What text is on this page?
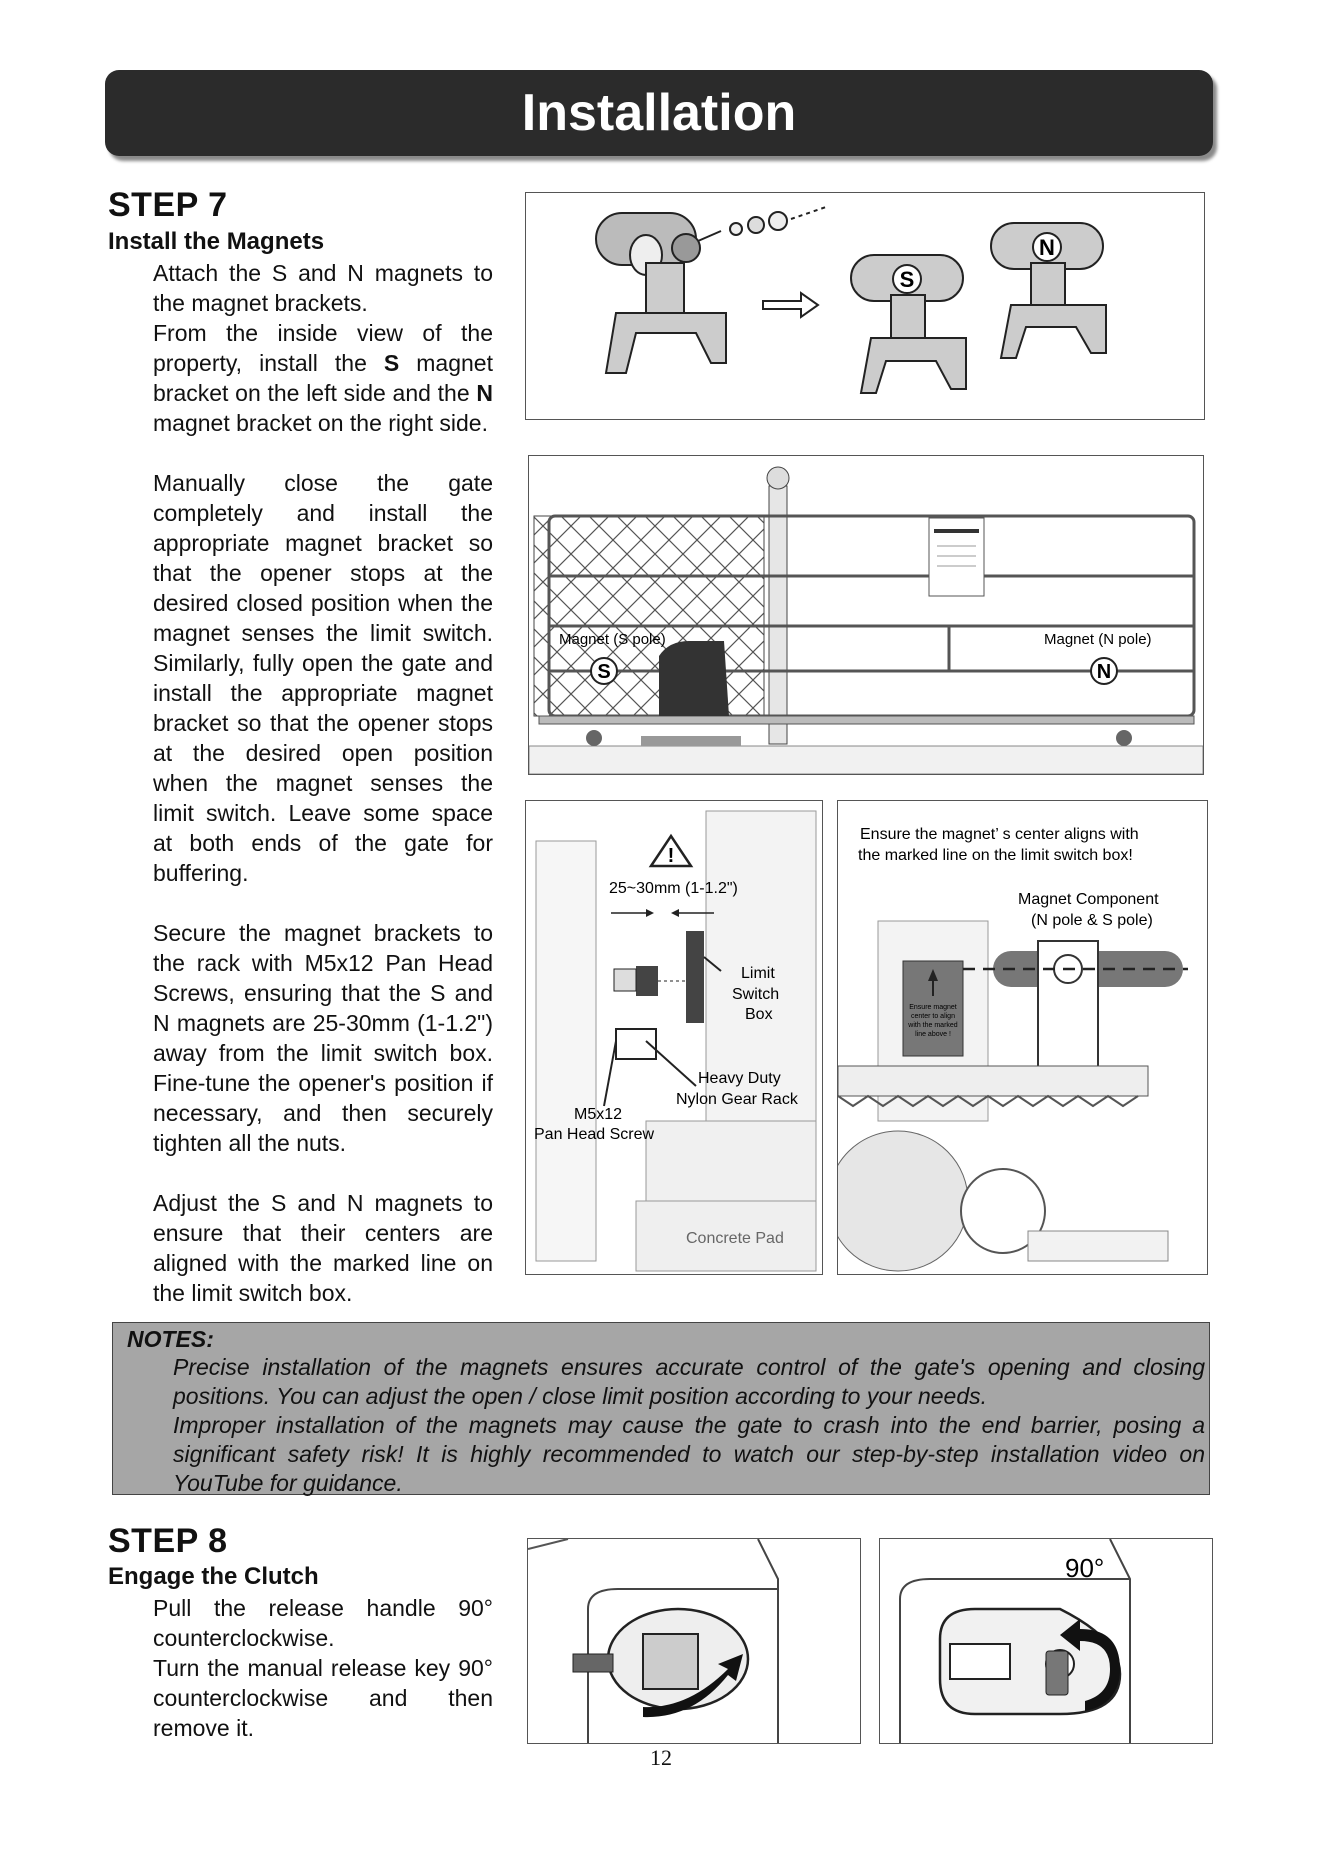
Installation
STEP 7
Install the Magnets

Attach the S and N magnets to the magnet brackets.

From the inside view of the property, install the S magnet bracket on the left side and the N magnet bracket on the right side.

Manually close the gate completely and install the appropriate magnet bracket so that the opener stops at the desired closed position when the magnet senses the limit switch. Similarly, fully open the gate and install the appropriate magnet bracket so that the opener stops at the desired open position when the magnet senses the limit switch. Leave some space at both ends of the gate for buffering.

Secure the magnet brackets to the rack with M5x12 Pan Head Screws, ensuring that the S and N magnets are 25-30mm (1-1.2") away from the limit switch box. Fine-tune the opener's position if necessary, and then securely tighten all the nuts.

Adjust the S and N magnets to ensure that their centers are aligned with the marked line on the limit switch box.

S
N
Magnet (S pole)
S
Magnet (N pole)
N
!
25~30mm (1-1.2")
Limit
Switch
Box
Heavy Duty
Nylon Gear Rack
M5x12
Pan Head Screw
Concrete Pad
Ensure the magnet’ s center aligns with
the marked line on the limit switch box!
Magnet Component
(N pole & S pole)
Ensure magnet
center to align
with the marked
line above !
NOTES:

Precise installation of the magnets ensures accurate control of the gate's opening and closing positions. You can adjust the open / close limit position according to your needs.

Improper installation of the magnets may cause the gate to crash into the end barrier, posing a significant safety risk! It is highly recommended to watch our step-by-step installation video on YouTube for guidance.

STEP 8
Engage the Clutch

Pull the release handle 90° counterclockwise.

Turn the manual release key 90° counterclockwise and then remove it.

90°
12
